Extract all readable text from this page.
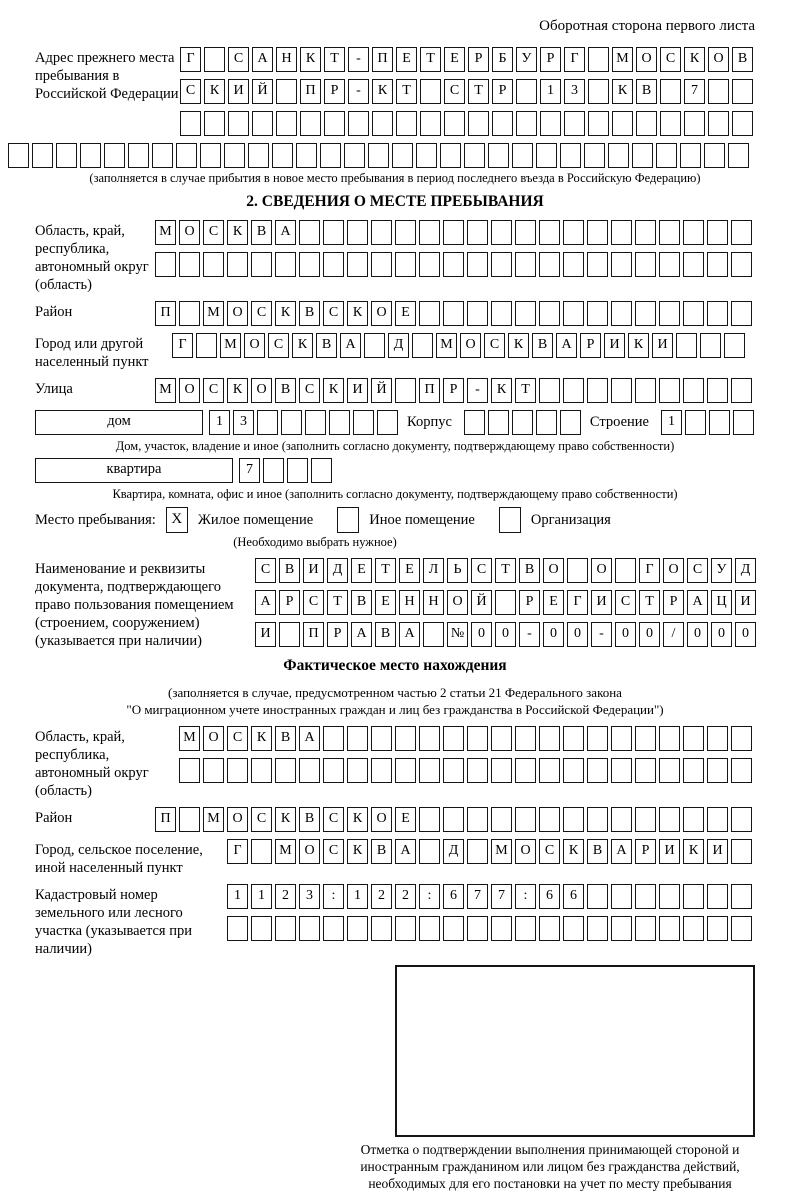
Оборотная сторона первого листа
Адрес прежнего места пребывания в Российской Федерации
Г	С А Н К Т - П Е Т Е Р Б У Р Г	М О С К О В
С К И Й	П Р - К Т	С Т Р	1 3	К В	7
(заполняется в случае прибытия в новое место пребывания в период последнего въезда в Российскую Федерацию)
2. СВЕДЕНИЯ О МЕСТЕ ПРЕБЫВАНИЯ
Область, край, республика, автономный округ (область)
М О С К В А
Район	П	М О С К В С К О Е
Город или другой населенный пункт
Г	М О С К В А	Д	М О С К В А Р И К И
Улица	М О С К О В С К И Й	П Р - К Т
дом	1 3	Корпус	Строение 1
Дом, участок, владение и иное (заполнить согласно документу, подтверждающему право собственности)
квартира	7
Квартира, комната, офис и иное (заполнить согласно документу, подтверждающему право собственности)
Место пребывания:	X	Жилое помещение	Иное помещение	Организация
(Необходимо выбрать нужное)
Наименование и реквизиты документа, подтверждающего право пользования помещением (строением, сооружением) (указывается при наличии)
С В И Д Е Т Е Л Ь С Т В О	О	Г О С У Д
А Р С Т В Е Н Н О Й	Р Е Г И С Т Р А Ц И
И	П Р А В А	№ 0 0 - 0 0 - 0 0 / 0 0 0
Фактическое место нахождения
(заполняется в случае, предусмотренном частью 2 статьи 21 Федерального закона
"О миграционном учете иностранных граждан и лиц без гражданства в Российской Федерации")
Область, край, республика, автономный округ (область)
М О С К В А
Район	П	М О С К В С К О Е
Город, сельское поселение, иной населенный пункт
Г	М О С К В А	Д	М О С К В А Р И К И
Кадастровый номер земельного или лесного участка (указывается при наличии)
1 1 2 3 : 1 2 2 : 6 7 7 : 6 6
Отметка о подтверждении выполнения принимающей стороной и иностранным гражданином или лицом без гражданства действий, необходимых для его постановки на учет по месту пребывания
